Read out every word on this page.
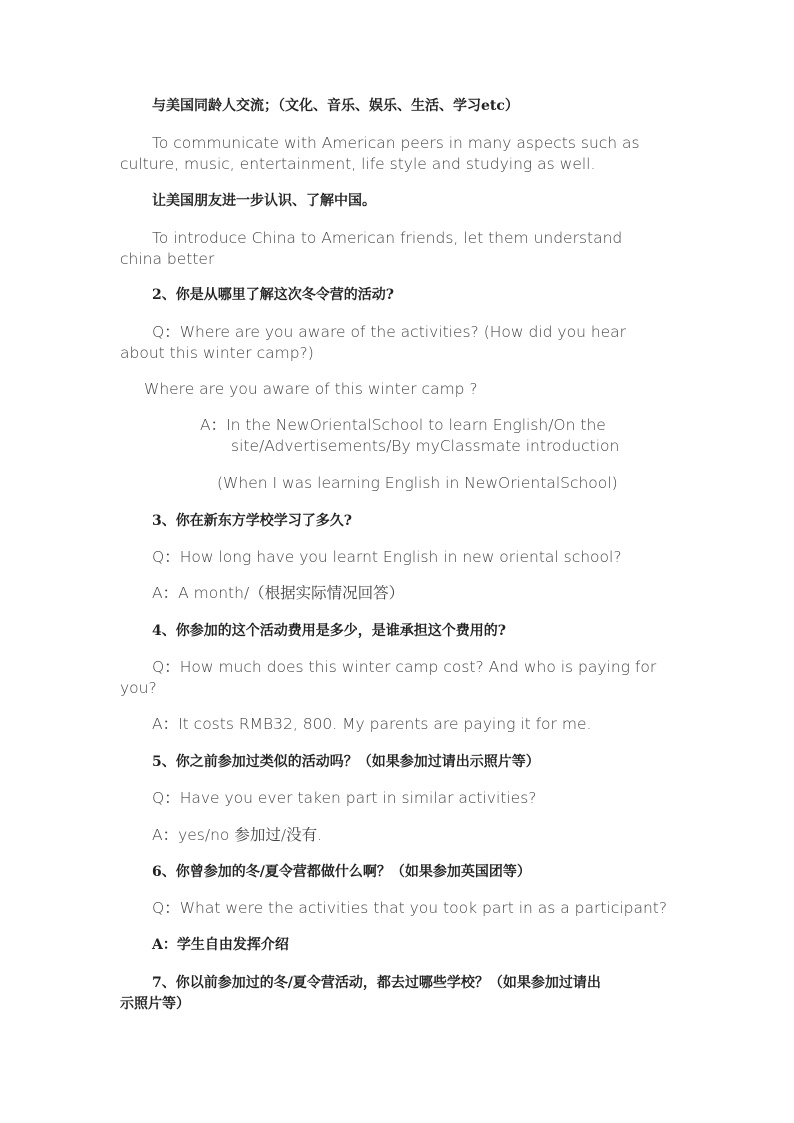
与美国同龄人交流；（文化、音乐、娱乐、生活、学习etc）
To communicate with American peers in many aspects such as
culture, music, entertainment, life style and studying as well.
让美国朋友进一步认识、了解中国。
To introduce China to American friends, let them understand
china better
2、你是从哪里了解这次冬令营的活动?
Q：Where are you aware of the activities? (How did you hear
about this winter camp?)
Where are you aware of this winter camp ?
A：In the NewOrientalSchool to learn English/On the
site/Advertisements/By myClassmate introduction
(When I was learning English in NewOrientalSchool)
3、你在新东方学校学习了多久?
Q：How long have you learnt English in new oriental school?
A：A month/（根据实际情况回答）
4、你参加的这个活动费用是多少，是谁承担这个费用的?
Q：How much does this winter camp cost? And who is paying for
you?
A：It costs RMB32, 800. My parents are paying it for me.
5、你之前参加过类似的活动吗？（如果参加过请出示照片等）
Q：Have you ever taken part in similar activities?
A：yes/no 参加过/没有.
6、你曾参加的冬/夏令营都做什么啊？（如果参加英国团等）
Q：What were the activities that you took part in as a participant?
A：学生自由发挥介绍
7、你以前参加过的冬/夏令营活动，都去过哪些学校？（如果参加过请出
示照片等）
